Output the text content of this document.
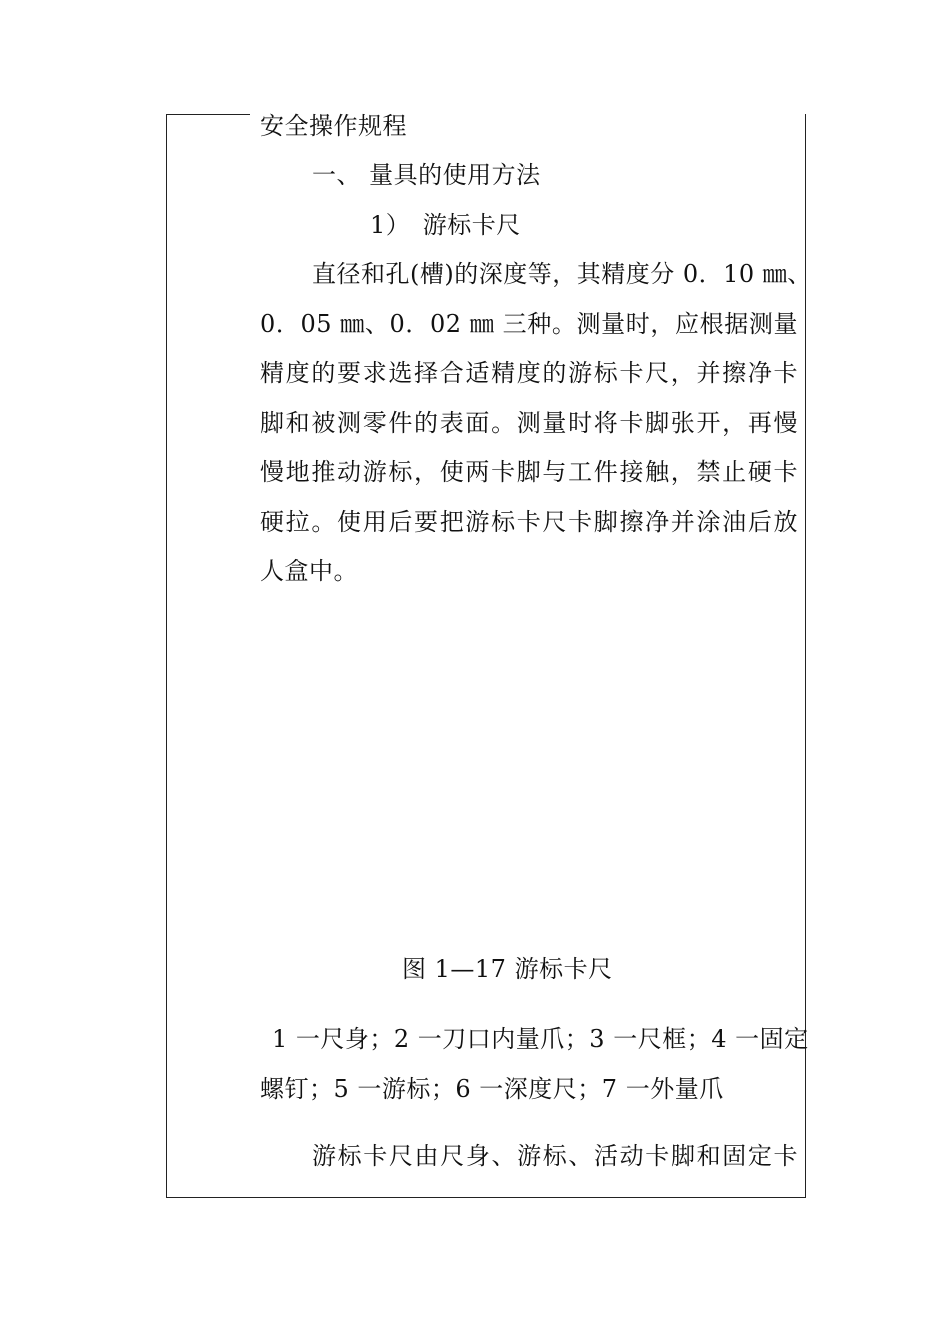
安全操作规程
一、 量具的使用方法
1）　游标卡尺
直径和孔(槽)的深度等，其精度分 0．10 ㎜、
0．05 ㎜、0．02 ㎜ 三种。测量时，应根据测量
精度的要求选择合适精度的游标卡尺，并擦净卡
脚和被测零件的表面。测量时将卡脚张开，再慢
慢地推动游标，使两卡脚与工件接触，禁止硬卡
硬拉。使用后要把游标卡尺卡脚擦净并涂油后放
人盒中。
图 1—17 游标卡尺
1 一尺身；2 一刀口内量爪；3 一尺框；4 一固定
螺钉；5 一游标；6 一深度尺；7 一外量爪
游标卡尺由尺身、游标、活动卡脚和固定卡
